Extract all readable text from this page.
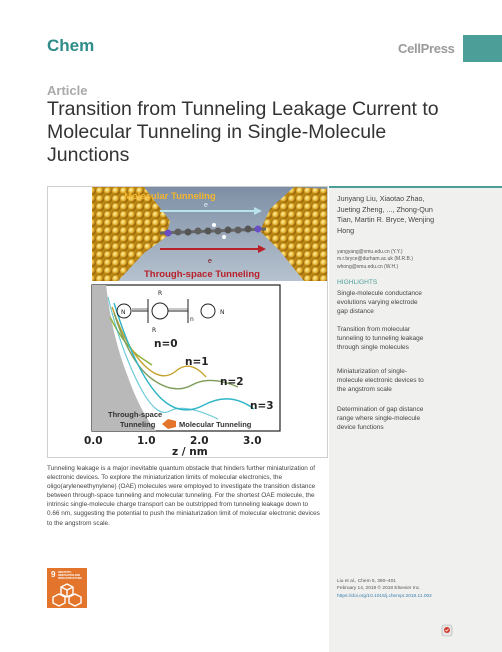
Chem	CellPress
Article
Transition from Tunneling Leakage Current to Molecular Tunneling in Single-Molecule Junctions
Molecular Tunneling
e
e
Through-space Tunneling
n=0
n=1
n=2
n=3
N
R
R
n
N
Through-space Tunneling	Molecular Tunneling
0.0	1.0	2.0	3.0
z / nm
Tunneling leakage is a major inevitable quantum obstacle that hinders further miniaturization of electronic devices. To explore the miniaturization limits of molecular electronics, the oligo(aryleneethynylene) (OAE) molecules were employed to investigate the transition distance between through-space tunneling and molecular tunneling. For the shortest OAE molecule, the intrinsic single-molecule charge transport can be outstripped from tunneling leakage down to 0.66 nm, suggesting the potential to push the miniaturization limit of molecular electronic devices to the angstrom scale.
9 INDUSTRY, INNOVATION AND INFRASTRUCTURE
Junyang Liu, Xiaotao Zhao, Jueting Zheng, ..., Zhong-Qun Tian, Martin R. Bryce, Wenjing Hong
yangyang@xmu.edu.cn (Y.Y.)
m.r.bryce@durham.ac.uk (M.R.B.)
whong@xmu.edu.cn (W.H.)
HIGHLIGHTS
Single-molecule conductance evolutions varying electrode gap distance
Transition from molecular tunneling to tunneling leakage through single molecules
Miniaturization of single-molecule electronic devices to the angstrom scale
Determination of gap distance range where single-molecule device functions
Liu et al., Chem 5, 390–401
February 14, 2019 © 2018 Elsevier Inc.
https://doi.org/10.1016/j.chempr.2018.11.002
